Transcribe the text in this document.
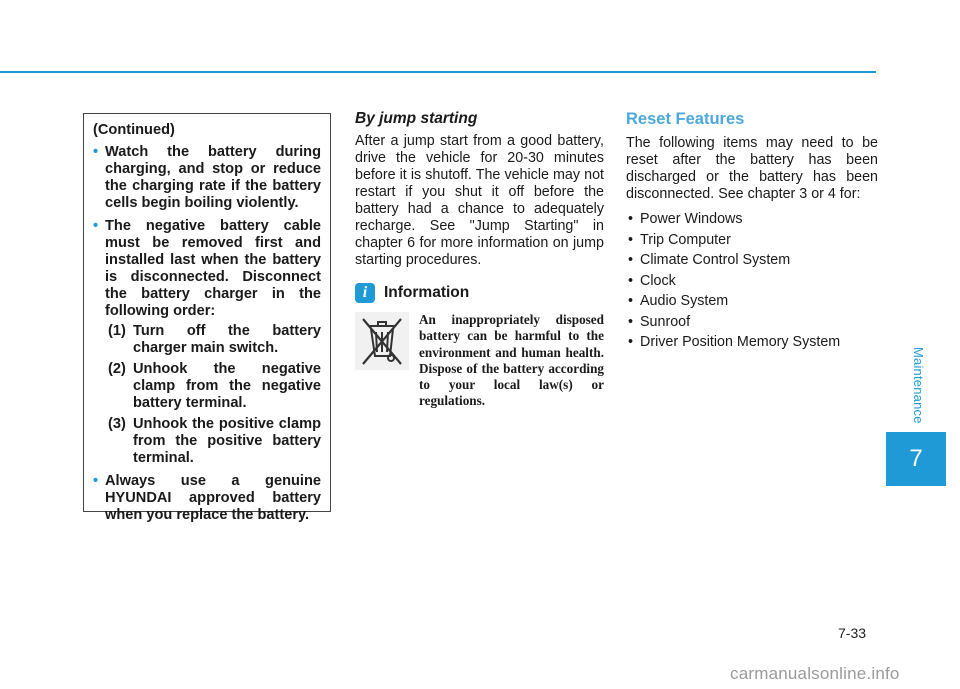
(Continued)
• Watch the battery during charging, and stop or reduce the charging rate if the battery cells begin boiling violently.
• The negative battery cable must be removed first and installed last when the battery is disconnected. Disconnect the battery charger in the following order:
(1) Turn off the battery charger main switch.
(2) Unhook the negative clamp from the negative battery terminal.
(3) Unhook the positive clamp from the positive battery terminal.
• Always use a genuine HYUNDAI approved battery when you replace the battery.
By jump starting

After a jump start from a good battery, drive the vehicle for 20-30 minutes before it is shutoff. The vehicle may not restart if you shut it off before the battery had a chance to adequately recharge. See "Jump Starting" in chapter 6 for more information on jump starting procedures.

i	Information

An inappropriately disposed battery can be harmful to the environment and human health. Dispose of the battery according to your local law(s) or regulations.

Reset Features

The following items may need to be reset after the battery has been discharged or the battery has been disconnected. See chapter 3 or 4 for:

• Power Windows
• Trip Computer
• Climate Control System
• Clock
• Audio System
• Sunroof
• Driver Position Memory System
Maintenance
7
7-33
carmanualsonline.info
